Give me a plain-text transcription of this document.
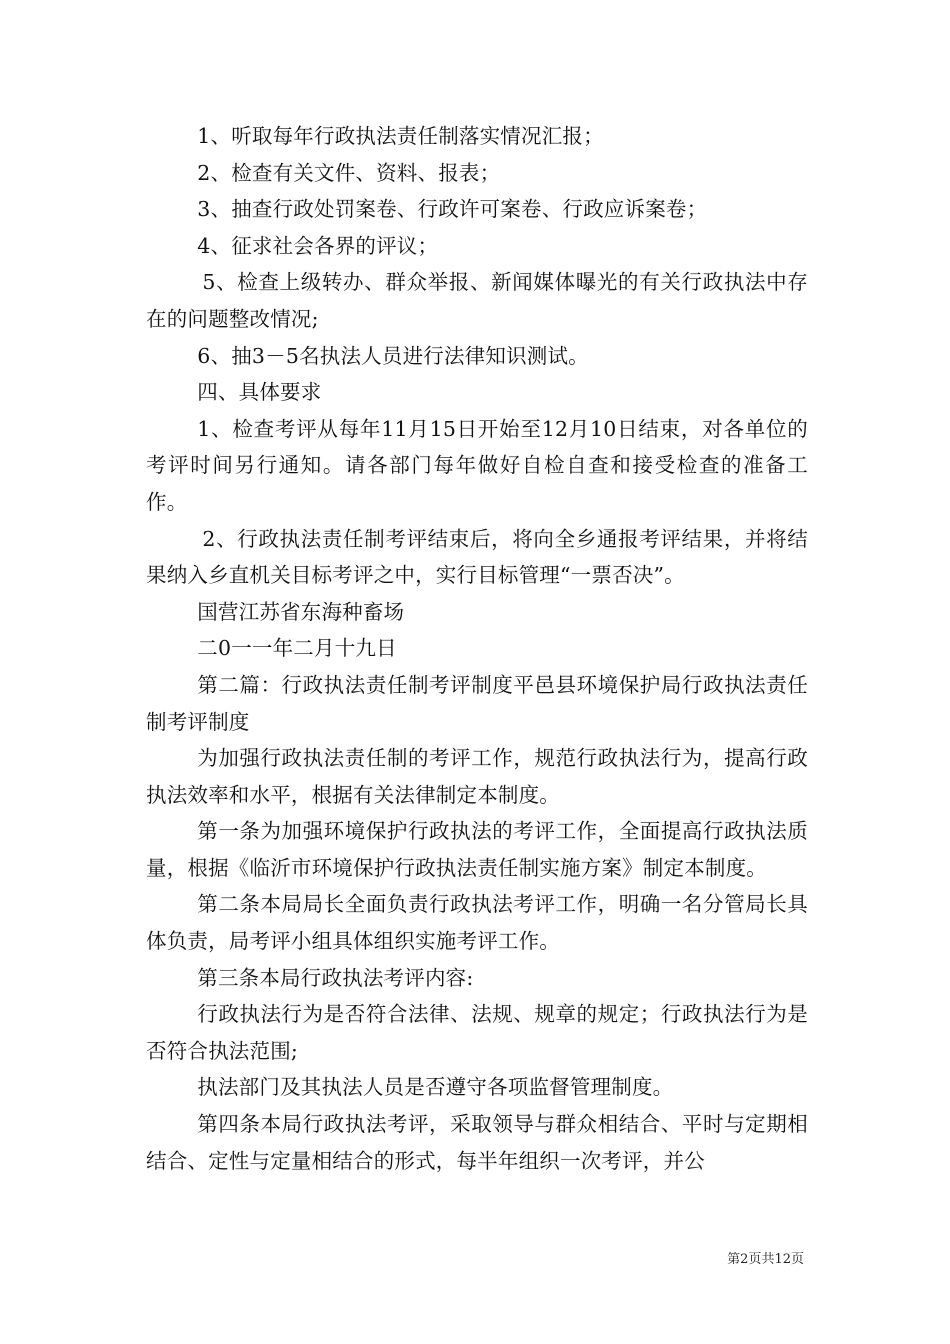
1、听取每年行政执法责任制落实情况汇报；

2、检查有关文件、资料、报表；

3、抽查行政处罚案卷、行政许可案卷、行政应诉案卷；

4、征求社会各界的评议；

5、检查上级转办、群众举报、新闻媒体曝光的有关行政执法中存在的问题整改情况;

6、抽3－5名执法人员进行法律知识测试。

四、具体要求

1、检查考评从每年11月15日开始至12月10日结束，对各单位的考评时间另行通知。请各部门每年做好自检自查和接受检查的准备工作。

2、行政执法责任制考评结束后，将向全乡通报考评结果，并将结果纳入乡直机关目标考评之中，实行目标管理“一票否决”。

国营江苏省东海种畜场

二0一一年二月十九日

第二篇：行政执法责任制考评制度平邑县环境保护局行政执法责任制考评制度

为加强行政执法责任制的考评工作，规范行政执法行为，提高行政执法效率和水平，根据有关法律制定本制度。

第一条为加强环境保护行政执法的考评工作，全面提高行政执法质量，根据《临沂市环境保护行政执法责任制实施方案》制定本制度。

第二条本局局长全面负责行政执法考评工作，明确一名分管局长具体负责，局考评小组具体组织实施考评工作。

第三条本局行政执法考评内容:

行政执法行为是否符合法律、法规、规章的规定；行政执法行为是否符合执法范围;

执法部门及其执法人员是否遵守各项监督管理制度。

第四条本局行政执法考评，采取领导与群众相结合、平时与定期相结合、定性与定量相结合的形式，每半年组织一次考评，并公

第2页共12页
